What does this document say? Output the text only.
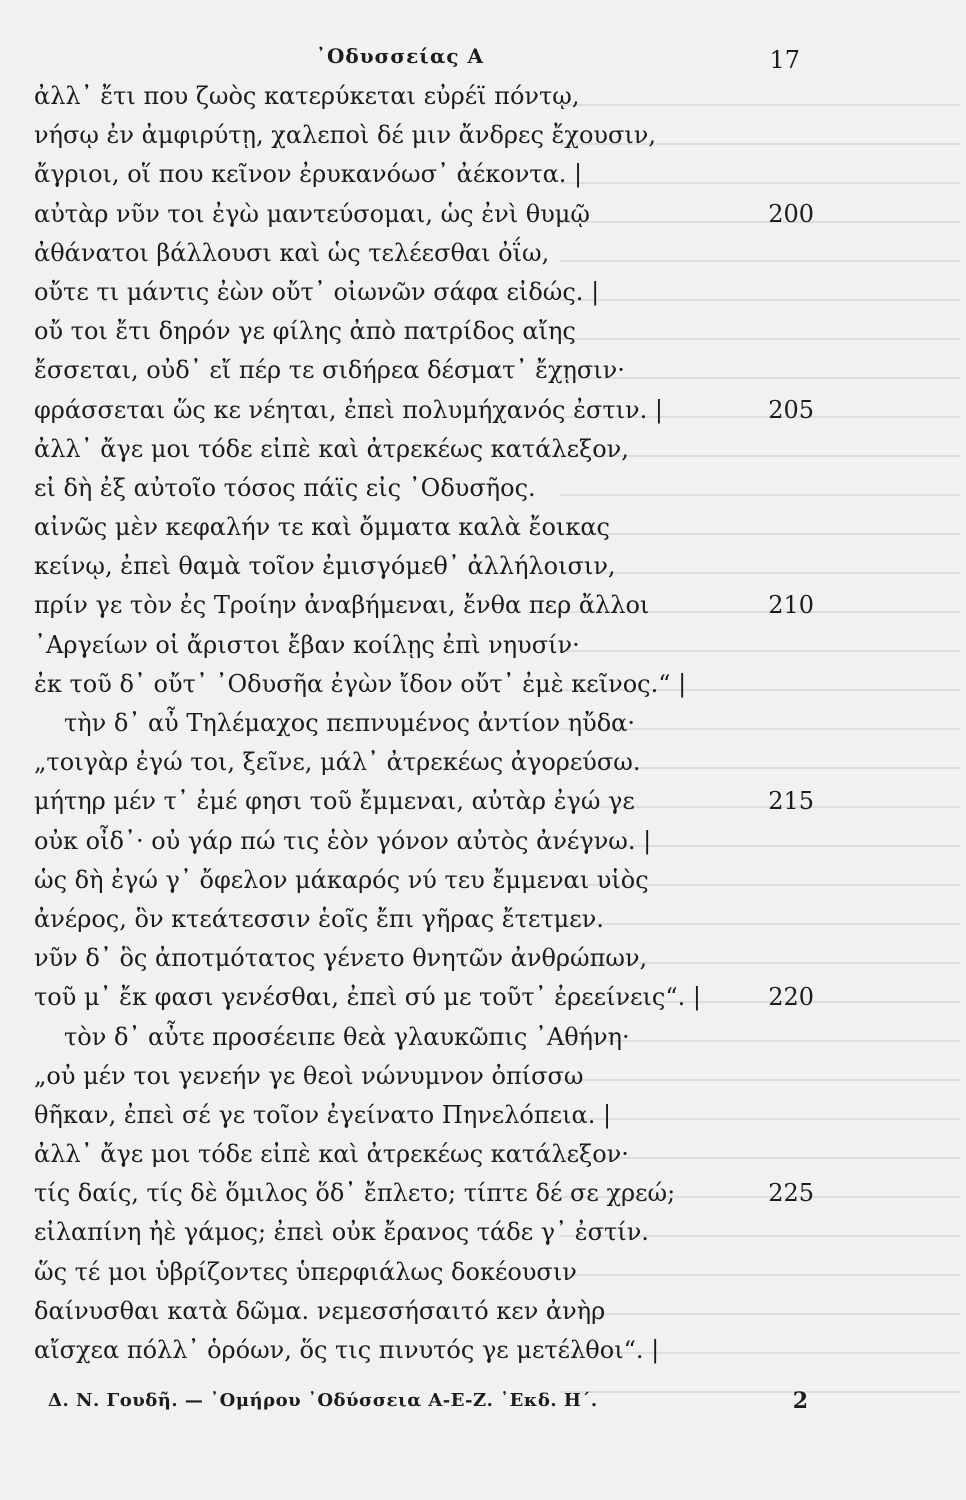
᾽Οδυσσείας Α	17
ἀλλ᾽ ἔτι που ζωὸς κατερύκεται εὐρέϊ πόντῳ,
νήσῳ ἐν ἀμφιρύτῃ, χαλεποὶ δέ μιν ἄνδρες ἔχουσιν,
ἄγριοι, οἵ που κεῖνον ἐρυκανόωσ᾽ ἀέκοντα. |
αὐτὰρ νῦν τοι ἐγὼ μαντεύσομαι, ὡς ἐνὶ θυμῷ	200
ἀθάνατοι βάλλουσι καὶ ὡς τελέεσθαι ὀΐω,
οὔτε τι μάντις ἐὼν οὔτ᾽ οἰωνῶν σάφα εἰδώς. |
οὔ τοι ἔτι δηρόν γε φίλης ἀπὸ πατρίδος αἴης
ἔσσεται, οὐδ᾽ εἴ πέρ τε σιδήρεα δέσματ᾽ ἔχῃσιν·
φράσσεται ὥς κε νέηται, ἐπεὶ πολυμήχανός ἐστιν. |	205
ἀλλ᾽ ἄγε μοι τόδε εἰπὲ καὶ ἀτρεκέως κατάλεξον,
εἰ δὴ ἐξ αὐτοῖο τόσος πάϊς εἰς ᾽Οδυσῆος.
αἰνῶς μὲν κεφαλήν τε καὶ ὄμματα καλὰ ἔοικας
κείνῳ, ἐπεὶ θαμὰ τοῖον ἐμισγόμεθ᾽ ἀλλήλοισιν,
πρίν γε τὸν ἐς Τροίην ἀναβήμεναι, ἔνθα περ ἄλλοι	210
᾽Αργείων οἱ ἄριστοι ἔβαν κοίλῃς ἐπὶ νηυσίν·
ἐκ τοῦ δ᾽ οὔτ᾽ ᾽Οδυσῆα ἐγὼν ἴδον οὔτ᾽ ἐμὲ κεῖνος.“ |
τὴν δ᾽ αὖ Τηλέμαχος πεπνυμένος ἀντίον ηὔδα·
„τοιγὰρ ἐγώ τοι, ξεῖνε, μάλ᾽ ἀτρεκέως ἀγορεύσω.
μήτηρ μέν τ᾽ ἐμέ φησι τοῦ ἔμμεναι, αὐτὰρ ἐγώ γε	215
οὐκ οἶδ᾽· οὐ γάρ πώ τις ἑὸν γόνον αὐτὸς ἀνέγνω. |
ὡς δὴ ἐγώ γ᾽ ὄφελον μάκαρός νύ τευ ἔμμεναι υἱὸς
ἀνέρος, ὃν κτεάτεσσιν ἑοῖς ἔπι γῆρας ἔτετμεν.
νῦν δ᾽ ὃς ἀποτμότατος γένετο θνητῶν ἀνθρώπων,
τοῦ μ᾽ ἔκ φασι γενέσθαι, ἐπεὶ σύ με τοῦτ᾽ ἐρεείνεις“. |	220
τὸν δ᾽ αὖτε προσέειπε θεὰ γλαυκῶπις ᾽Αθήνη·
„οὐ μέν τοι γενεήν γε θεοὶ νώνυμνον ὀπίσσω
θῆκαν, ἐπεὶ σέ γε τοῖον ἐγείνατο Πηνελόπεια. |
ἀλλ᾽ ἄγε μοι τόδε εἰπὲ καὶ ἀτρεκέως κατάλεξον·
τίς δαίς, τίς δὲ ὅμιλος ὅδ᾽ ἔπλετο; τίπτε δέ σε χρεώ;	225
εἰλαπίνη ἠὲ γάμος; ἐπεὶ οὐκ ἔρανος τάδε γ᾽ ἐστίν.
ὥς τέ μοι ὑβρίζοντες ὑπερφιάλως δοκέουσιν
δαίνυσθαι κατὰ δῶμα. νεμεσσήσαιτό κεν ἀνὴρ
αἴσχεα πόλλ᾽ ὁρόων, ὅς τις πινυτός γε μετέλθοι“. |
Δ. Ν. Γουδῆ. — ᾽Ομήρου ᾽Οδύσσεια Α-Ε-Ζ. ᾽Εκδ. Η΄.	2
